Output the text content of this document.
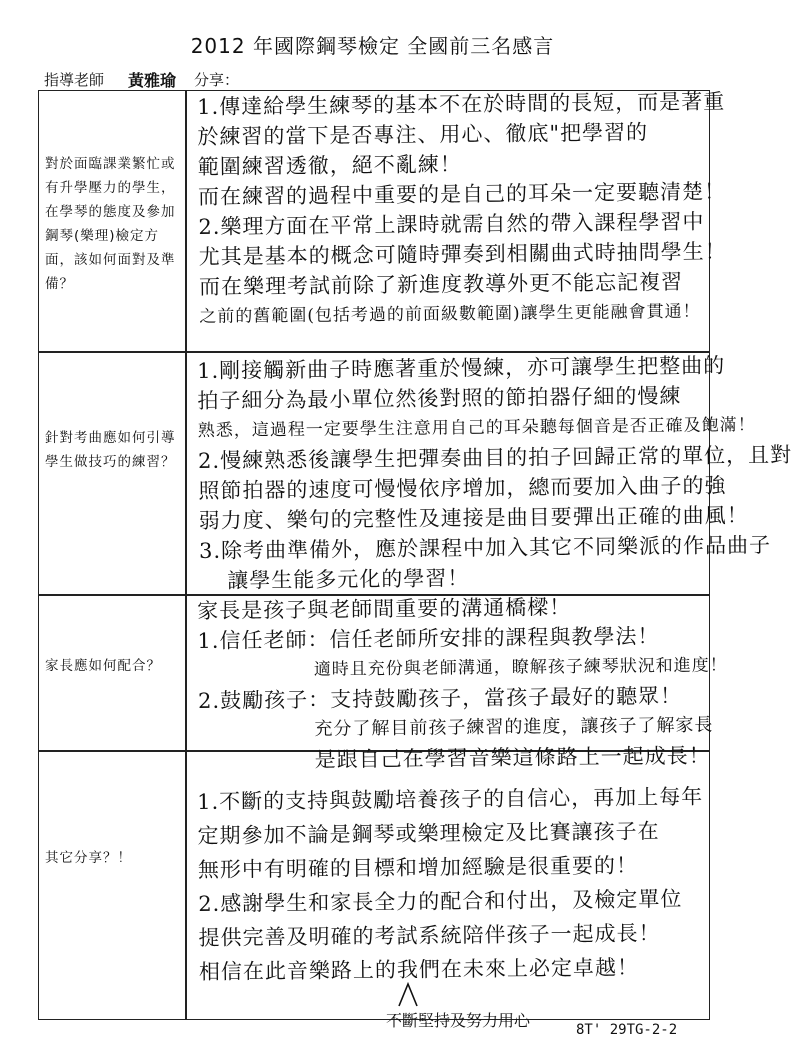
2012 年國際鋼琴檢定 全國前三名感言
指導老師 黃雅瑜 分享：
對於面臨課業繁忙或有升學壓力的學生，在學琴的態度及參加鋼琴(樂理)檢定方面，該如何面對及準備？
1.傳達給學生練琴的基本不在於時間的長短，而是著重
於練習的當下是否專注、用心、徹底"把學習的
範圍練習透徹，絕不亂練！
而在練習的過程中重要的是自己的耳朵一定要聽清楚！
2.樂理方面在平常上課時就需自然的帶入課程學習中
尤其是基本的概念可隨時彈奏到相關曲式時抽問學生！
而在樂理考試前除了新進度教導外更不能忘記複習
之前的舊範圍(包括考過的前面級數範圍)讓學生更能融會貫通！
針對考曲應如何引導學生做技巧的練習？
1.剛接觸新曲子時應著重於慢練，亦可讓學生把整曲的
拍子細分為最小單位然後對照的節拍器仔細的慢練
熟悉，這過程一定要學生注意用自己的耳朵聽每個音是否正確及飽滿！
2.慢練熟悉後讓學生把彈奏曲目的拍子回歸正常的單位，且對
照節拍器的速度可慢慢依序增加，總而要加入曲子的強
弱力度、樂句的完整性及連接是曲目要彈出正確的曲風！
3.除考曲準備外，應於課程中加入其它不同樂派的作品曲子
讓學生能多元化的學習！
家長應如何配合？
家長是孩子與老師間重要的溝通橋樑！
1.信任老師：信任老師所安排的課程與教學法！
適時且充份與老師溝通，瞭解孩子練琴狀況和進度！
2.鼓勵孩子：支持鼓勵孩子，當孩子最好的聽眾！
充分了解目前孩子練習的進度，讓孩子了解家長
是跟自己在學習音樂這條路上一起成長！
其它分享？！
1.不斷的支持與鼓勵培養孩子的自信心，再加上每年
定期參加不論是鋼琴或樂理檢定及比賽讓孩子在
無形中有明確的目標和增加經驗是很重要的！
2.感謝學生和家長全力的配合和付出，及檢定單位
提供完善及明確的考試系統陪伴孩子一起成長！
相信在此音樂路上的我們在未來上必定卓越！
不斷堅持及努力用心	8T' 29TG-2-2
